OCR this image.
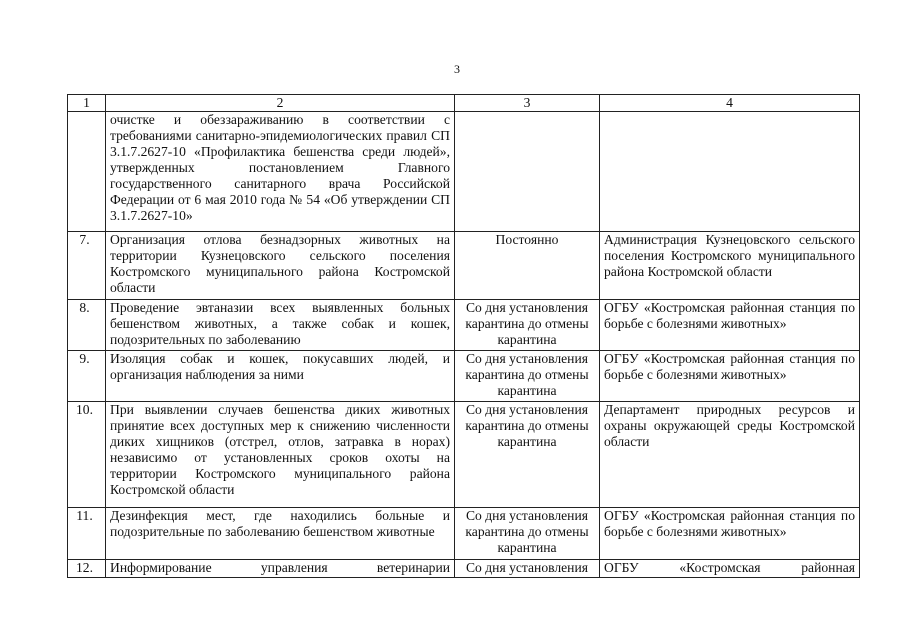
3
1	2	3	4
	очистке и обеззараживанию в соответствии с требованиями санитарно-эпидемиологических правил СП 3.1.7.2627-10 «Профилактика бешенства среди людей», утвержденных постановлением Главного государственного санитарного врача Российской Федерации от 6 мая 2010 года № 54 «Об утверждении СП 3.1.7.2627-10»		
7.	Организация отлова безнадзорных животных на территории Кузнецовского сельского поселения Костромского муниципального района Костромской области	Постоянно	Администрация Кузнецовского сельского поселения Костромского муниципального района Костромской области
8.	Проведение эвтаназии всех выявленных больных бешенством животных, а также собак и кошек, подозрительных по заболеванию	Со дня установления карантина до отмены карантина	ОГБУ «Костромская районная станция по борьбе с болезнями животных»
9.	Изоляция собак и кошек, покусавших людей, и организация наблюдения за ними	Со дня установления карантина до отмены карантина	ОГБУ «Костромская районная станция по борьбе с болезнями животных»
10.	При выявлении случаев бешенства диких животных принятие всех доступных мер к снижению численности диких хищников (отстрел, отлов, затравка в норах) независимо от установленных сроков охоты на территории Костромского муниципального района Костромской области	Со дня установления карантина до отмены карантина	Департамент природных ресурсов и охраны окружающей среды Костромской области
11.	Дезинфекция мест, где находились больные и подозрительные по заболеванию бешенством животные	Со дня установления карантина до отмены карантина	ОГБУ «Костромская районная станция по борьбе с болезнями животных»
12.	Информирование управления ветеринарии	Со дня установления	ОГБУ «Костромская районная
